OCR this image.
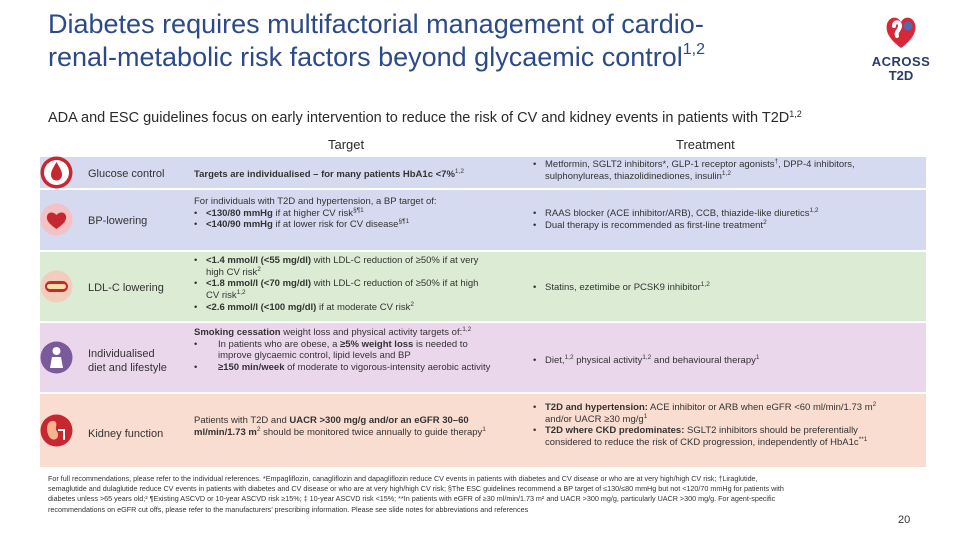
Diabetes requires multifactorial management of cardio-
renal-metabolic risk factors beyond glycaemic control$^{1,2}$
ACROSS
T2D
ADA and ESC guidelines focus on early intervention to reduce the risk of CV and kidney events in patients with $T2D^{1,2}$
Target	Treatment
Glucose control	Targets are individualised – for many patients HbA1c <7%$^{1,2}$
• Metformin, SGLT2 inhibitors*, GLP-1 receptor agonists†, DPP-4 inhibitors, sulphonylureas, thiazolidinediones, insulin$^{1,2}$
BP-lowering
For individuals with T2D and hypertension, a BP target of:
• <130/80 mmHg if at higher CV risk$^{\S\P 1}$
• <140/90 mmHg if at lower risk for CV disease$^{\S\P 1}$
• RAAS blocker (ACE inhibitor/ARB), CCB, thiazide-like diuretics$^{1,2}$
• Dual therapy is recommended as first-line treatment$^2$
LDL-C lowering
• <1.4 mmol/l (<55 mg/dl) with LDL-C reduction of ≥50% if at very high CV risk$^2$
• <1.8 mmol/l (<70 mg/dl) with LDL-C reduction of ≥50% if at high CV risk$^{1,2}$
• <2.6 mmol/l (<100 mg/dl) if at moderate CV risk$^2$
• Statins, ezetimibe or PCSK9 inhibitor$^{1,2}$
Individualised
diet and lifestyle
Smoking cessation weight loss and physical activity targets of:$^{1,2}$
• In patients who are obese, a ≥5% weight loss is needed to improve glycaemic control, lipid levels and BP
• ≥150 min/week of moderate to vigorous-intensity aerobic activity
• Diet,$^{1,2}$ physical activity$^{1,2}$ and behavioural therapy$^1$
Kidney function
Patients with T2D and UACR >300 mg/g and/or an eGFR 30–60 ml/min/1.73 $m^2$ should be monitored twice annually to guide therapy$^1$
• T2D and hypertension: ACE inhibitor or ARB when eGFR <60 ml/min/1.73 $m^2$ and/or UACR ≥30 $mg/g^1$
• T2D where CKD predominates: SGLT2 inhibitors should be preferentially considered to reduce the risk of CKD progression, independently of $HbA1c^{**1}$
For full recommendations, please refer to the individual references. *Empagliflozin, canagliflozin and dapagliflozin reduce CV events in patients with diabetes and CV disease or who are at very high/high CV risk; †Liraglutide, semaglutide and dulaglutide reduce CV events in patients with diabetes and CV disease or who are at very high/high CV risk; §The ESC guidelines recommend a BP target of ≤130/≤80 mmHg but not <120/70 mmHg for patients with diabetes unless >65 years old;² ¶Existing ASCVD or 10-year ASCVD risk ≥15%; ‡ 10-year ASCVD risk <15%; **In patients with eGFR of ≥30 ml/min/1.73 m² and UACR >300 mg/g, particularly UACR >300 mg/g. For agent-specific recommendations on eGFR cut offs, please refer to the manufacturers’ prescribing information. Please see slide notes for abbreviations and references
20
